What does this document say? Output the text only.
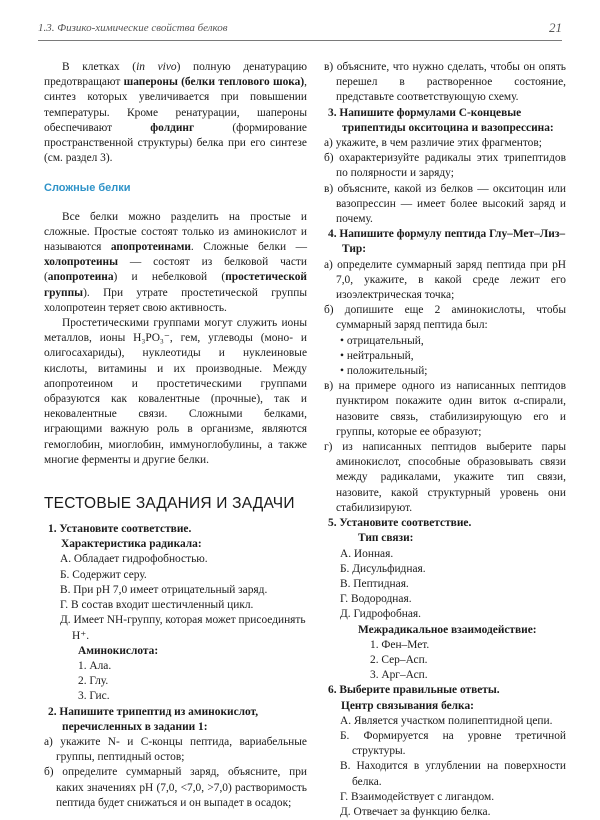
1.3. Физико-химические свойства белков	21

В клетках (in vivo) полную денатурацию предотвращают шапероны (белки теплового шока), синтез которых увеличивается при повышении температуры. Кроме ренатурации, шапероны обеспечивают фолдинг (формирование пространственной структуры) белка при его синтезе (см. раздел 3).

Сложные белки

Все белки можно разделить на простые и сложные. Простые состоят только из аминокислот и называются апопротеинами. Сложные белки — холопротеины — состоят из белковой части (апопротеина) и небелковой (простетической группы). При утрате простетической группы холопротеин теряет свою активность.

Простетическими группами могут служить ионы металлов, ионы H₃PO₃⁻, гем, углеводы (моно- и олигосахариды), нуклеотиды и нуклеиновые кислоты, витамины и их производные. Между апопротеином и простетическими группами образуются как ковалентные (прочные), так и нековалентные связи. Сложными белками, играющими важную роль в организме, являются гемоглобин, миоглобин, иммуноглобулины, а также многие ферменты и другие белки.

ТЕСТОВЫЕ ЗАДАНИЯ И ЗАДАЧИ

1. Установите соответствие.

Характеристика радикала:

А. Обладает гидрофобностью.

Б. Содержит серу.

В. При pH 7,0 имеет отрицательный заряд.

Г. В состав входит шестичленный цикл.

Д. Имеет NH-группу, которая может присоединять H⁺.

Аминокислота:

1. Ала.

2. Глу.

3. Гис.

2. Напишите трипептид из аминокислот, перечисленных в задании 1:

а) укажите N- и C-концы пептида, вариабельные группы, пептидный остов;

б) определите суммарный заряд, объясните, при каких значениях pH (7,0, <7,0, >7,0) растворимость пептида будет снижаться и он выпадет в осадок;

в) объясните, что нужно сделать, чтобы он опять перешел в растворенное состояние, представьте соответствующую схему.

3. Напишите формулами C-концевые трипептиды окситоцина и вазопрессина:

а) укажите, в чем различие этих фрагментов;

б) охарактеризуйте радикалы этих трипептидов по полярности и заряду;

в) объясните, какой из белков — окситоцин или вазопрессин — имеет более высокий заряд и почему.

4. Напишите формулу пептида Глу–Мет–Лиз–Тир:

а) определите суммарный заряд пептида при pH 7,0, укажите, в какой среде лежит его изоэлектрическая точка;

б) допишите еще 2 аминокислоты, чтобы суммарный заряд пептида был:

• отрицательный,

• нейтральный,

• положительный;

в) на примере одного из написанных пептидов пунктиром покажите один виток α-спирали, назовите связь, стабилизирующую его и группы, которые ее образуют;

г) из написанных пептидов выберите пары аминокислот, способные образовывать связи между радикалами, укажите тип связи, назовите, какой структурный уровень они стабилизируют.

5. Установите соответствие.

Тип связи:

А. Ионная.

Б. Дисульфидная.

В. Пептидная.

Г. Водородная.

Д. Гидрофобная.

Межрадикальное взаимодействие:

1. Фен–Мет.

2. Сер–Асп.

3. Арг–Асп.

6. Выберите правильные ответы.

Центр связывания белка:

А. Является участком полипептидной цепи.

Б. Формируется на уровне третичной структуры.

В. Находится в углублении на поверхности белка.

Г. Взаимодействует с лигандом.

Д. Отвечает за функцию белка.
